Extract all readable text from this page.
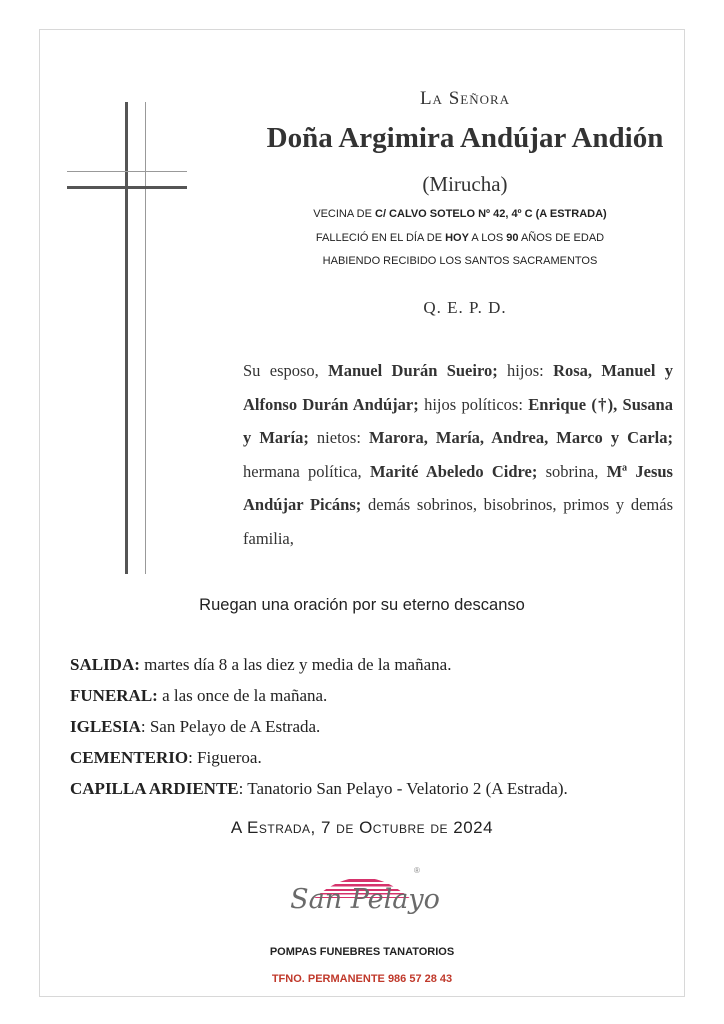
La Señora
Doña Argimira Andújar Andión
(Mirucha)
VECINA DE C/ CALVO SOTELO Nº 42, 4º C (A ESTRADA)
FALLECIÓ EN EL DÍA DE HOY A LOS 90 AÑOS DE EDAD
HABIENDO RECIBIDO LOS SANTOS SACRAMENTOS
Q. E. P. D.
Su esposo, Manuel Durán Sueiro; hijos: Rosa, Manuel y Alfonso Durán Andújar; hijos políticos: Enrique (†), Susana y María; nietos: Marora, María, Andrea, Marco y Carla; hermana política, Marité Abeledo Cidre; sobrina, Mª Jesus Andújar Picáns; demás sobrinos, bisobrinos, primos y demás familia,
Ruegan una oración por su eterno descanso
SALIDA: martes día 8 a las diez y media de la mañana.
FUNERAL: a las once de la mañana.
IGLESIA: San Pelayo de A Estrada.
CEMENTERIO: Figueroa.
CAPILLA ARDIENTE: Tanatorio San Pelayo - Velatorio 2 (A Estrada).
A Estrada, 7 de Octubre de 2024
San Pelayo
®
POMPAS FUNEBRES TANATORIOS
TFNO. PERMANENTE 986 57 28 43
